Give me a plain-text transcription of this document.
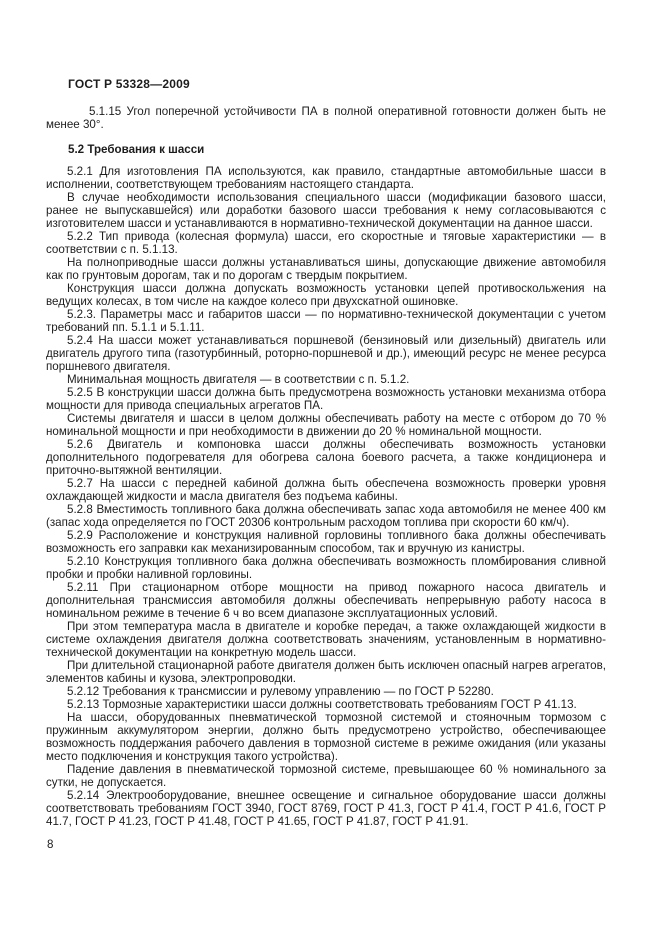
ГОСТ Р 53328—2009

5.1.15 Угол поперечной устойчивости ПА в полной оперативной готовности должен быть не менее 30°.

5.2 Требования к шасси

5.2.1 Для изготовления ПА используются, как правило, стандартные автомобильные шасси в исполнении, соответствующем требованиям настоящего стандарта.

В случае необходимости использования специального шасси (модификации базового шасси, ранее не выпускавшейся) или доработки базового шасси требования к нему согласовываются с изготовителем шасси и устанавливаются в нормативно-технической документации на данное шасси.

5.2.2 Тип привода (колесная формула) шасси, его скоростные и тяговые характеристики — в соответствии с п. 5.1.13.

На полноприводные шасси должны устанавливаться шины, допускающие движение автомобиля как по грунтовым дорогам, так и по дорогам с твердым покрытием.

Конструкция шасси должна допускать возможность установки цепей противоскольжения на ведущих колесах, в том числе на каждое колесо при двухскатной ошиновке.

5.2.3. Параметры масс и габаритов шасси — по нормативно-технической документации с учетом требований пп. 5.1.1 и 5.1.11.

5.2.4 На шасси может устанавливаться поршневой (бензиновый или дизельный) двигатель или двигатель другого типа (газотурбинный, роторно-поршневой и др.), имеющий ресурс не менее ресурса поршневого двигателя.

Минимальная мощность двигателя — в соответствии с п. 5.1.2.

5.2.5 В конструкции шасси должна быть предусмотрена возможность установки механизма отбора мощности для привода специальных агрегатов ПА.

Системы двигателя и шасси в целом должны обеспечивать работу на месте с отбором до 70 % номинальной мощности и при необходимости в движении до 20 % номинальной мощности.

5.2.6 Двигатель и компоновка шасси должны обеспечивать возможность установки дополнительного подогревателя для обогрева салона боевого расчета, а также кондиционера и приточно-вытяжной вентиляции.

5.2.7 На шасси с передней кабиной должна быть обеспечена возможность проверки уровня охлаждающей жидкости и масла двигателя без подъема кабины.

5.2.8 Вместимость топливного бака должна обеспечивать запас хода автомобиля не менее 400 км (запас хода определяется по ГОСТ 20306 контрольным расходом топлива при скорости 60 км/ч).

5.2.9 Расположение и конструкция наливной горловины топливного бака должны обеспечивать возможность его заправки как механизированным способом, так и вручную из канистры.

5.2.10 Конструкция топливного бака должна обеспечивать возможность пломбирования сливной пробки и пробки наливной горловины.

5.2.11 При стационарном отборе мощности на привод пожарного насоса двигатель и дополнительная трансмиссия автомобиля должны обеспечивать непрерывную работу насоса в номинальном режиме в течение 6 ч во всем диапазоне эксплуатационных условий.

При этом температура масла в двигателе и коробке передач, а также охлаждающей жидкости в системе охлаждения двигателя должна соответствовать значениям, установленным в нормативно-технической документации на конкретную модель шасси.

При длительной стационарной работе двигателя должен быть исключен опасный нагрев агрегатов, элементов кабины и кузова, электропроводки.

5.2.12 Требования к трансмиссии и рулевому управлению — по ГОСТ Р 52280.

5.2.13 Тормозные характеристики шасси должны соответствовать требованиям ГОСТ Р 41.13.

На шасси, оборудованных пневматической тормозной системой и стояночным тормозом с пружинным аккумулятором энергии, должно быть предусмотрено устройство, обеспечивающее возможность поддержания рабочего давления в тормозной системе в режиме ожидания (или указаны место подключения и конструкция такого устройства).

Падение давления в пневматической тормозной системе, превышающее 60 % номинального за сутки, не допускается.

5.2.14 Электрооборудование, внешнее освещение и сигнальное оборудование шасси должны соответствовать требованиям ГОСТ 3940, ГОСТ 8769, ГОСТ Р 41.3, ГОСТ Р 41.4, ГОСТ Р 41.6, ГОСТ Р 41.7, ГОСТ Р 41.23, ГОСТ Р 41.48, ГОСТ Р 41.65, ГОСТ Р 41.87, ГОСТ Р 41.91.

8
